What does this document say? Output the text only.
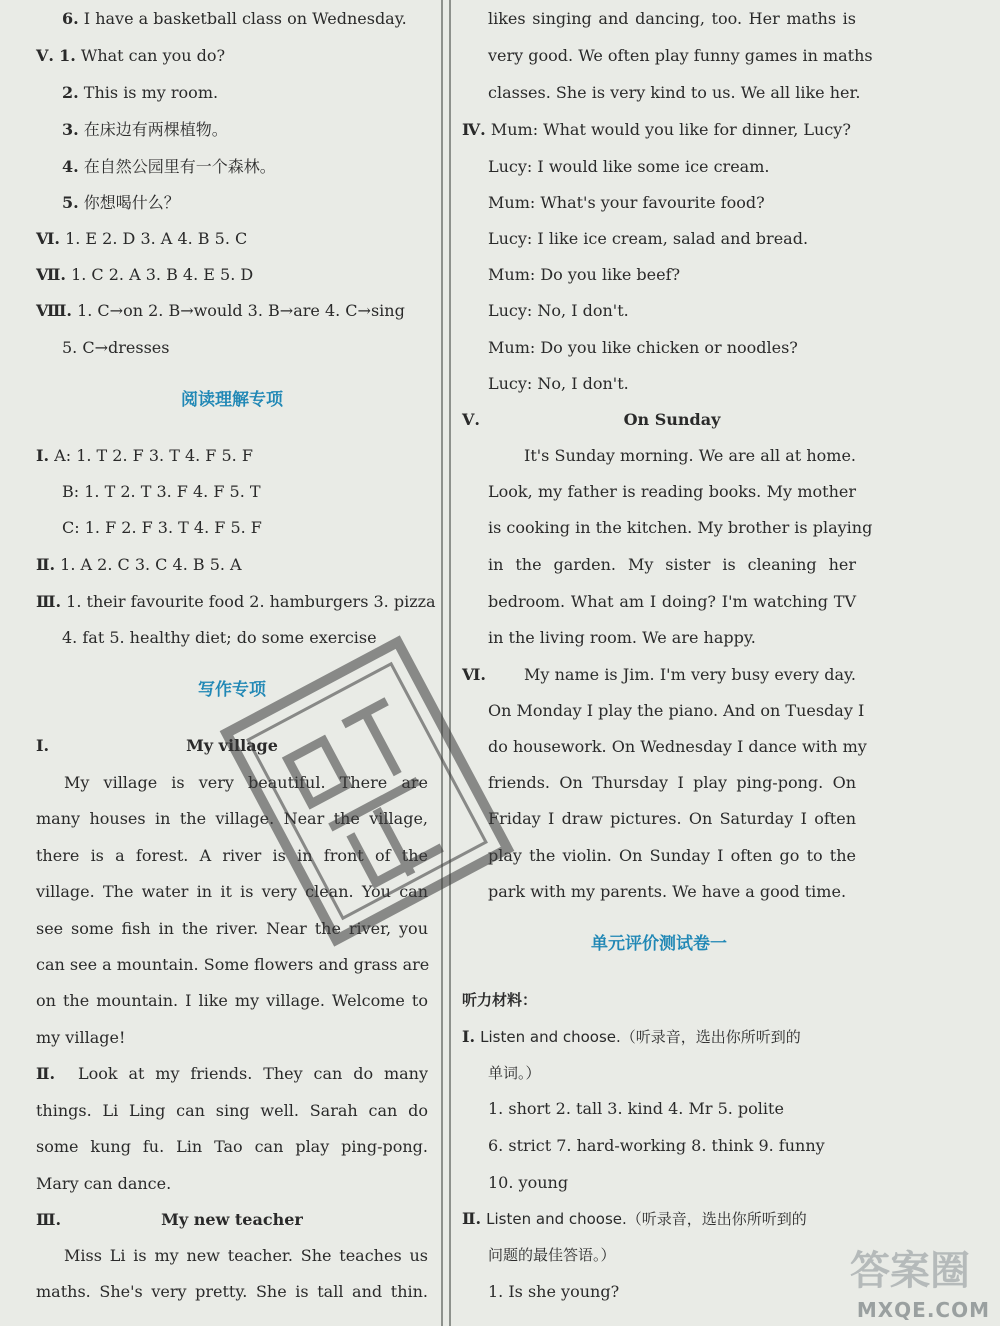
6. I have a basketball class on Wednesday.
Ⅴ. 1. What can you do?
2. This is my room.
3. 在床边有两棵植物。
4. 在自然公园里有一个森林。
5. 你想喝什么？
Ⅵ. 1. E 2. D 3. A 4. B 5. C
Ⅶ. 1. C 2. A 3. B 4. E 5. D
Ⅷ. 1. C→on 2. B→would 3. B→are 4. C→sing
5. C→dresses
阅读理解专项
Ⅰ. A: 1. T 2. F 3. T 4. F 5. F
B: 1. T 2. T 3. F 4. F 5. T
C: 1. F 2. F 3. T 4. F 5. F
Ⅱ. 1. A 2. C 3. C 4. B 5. A
Ⅲ. 1. their favourite food 2. hamburgers 3. pizza
4. fat 5. healthy diet; do some exercise
写作专项
Ⅰ.	My village
My village is very beautiful. There are
many houses in the village. Near the village,
there is a forest. A river is in front of the
village. The water in it is very clean. You can
see some fish in the river. Near the river, you
can see a mountain. Some flowers and grass are
on the mountain. I like my village. Welcome to
my village!
Ⅱ.	Look at my friends. They can do many
things. Li Ling can sing well. Sarah can do
some kung fu. Lin Tao can play ping-pong.
Mary can dance.
Ⅲ.	My new teacher
Miss Li is my new teacher. She teaches us
maths. She's very pretty. She is tall and thin.
likes singing and dancing, too. Her maths is
very good. We often play funny games in maths
classes. She is very kind to us. We all like her.
Ⅳ. Mum: What would you like for dinner, Lucy?
Lucy: I would like some ice cream.
Mum: What's your favourite food?
Lucy: I like ice cream, salad and bread.
Mum: Do you like beef?
Lucy: No, I don't.
Mum: Do you like chicken or noodles?
Lucy: No, I don't.
Ⅴ.	On Sunday
It's Sunday morning. We are all at home.
Look, my father is reading books. My mother
is cooking in the kitchen. My brother is playing
in the garden. My sister is cleaning her
bedroom. What am I doing? I'm watching TV
in the living room. We are happy.
Ⅵ.	My name is Jim. I'm very busy every day.
On Monday I play the piano. And on Tuesday I
do housework. On Wednesday I dance with my
friends. On Thursday I play ping-pong. On
Friday I draw pictures. On Saturday I often
play the violin. On Sunday I often go to the
park with my parents. We have a good time.
单元评价测试卷一
听力材料：
Ⅰ. Listen and choose.（听录音，选出你所听到的
单词。）
1. short 2. tall 3. kind 4. Mr 5. polite
6. strict 7. hard-working 8. think 9. funny
10. young
Ⅱ. Listen and choose.（听录音，选出你所听到的
问题的最佳答语。）
1. Is she young?	答案圈
MXQE.COM
